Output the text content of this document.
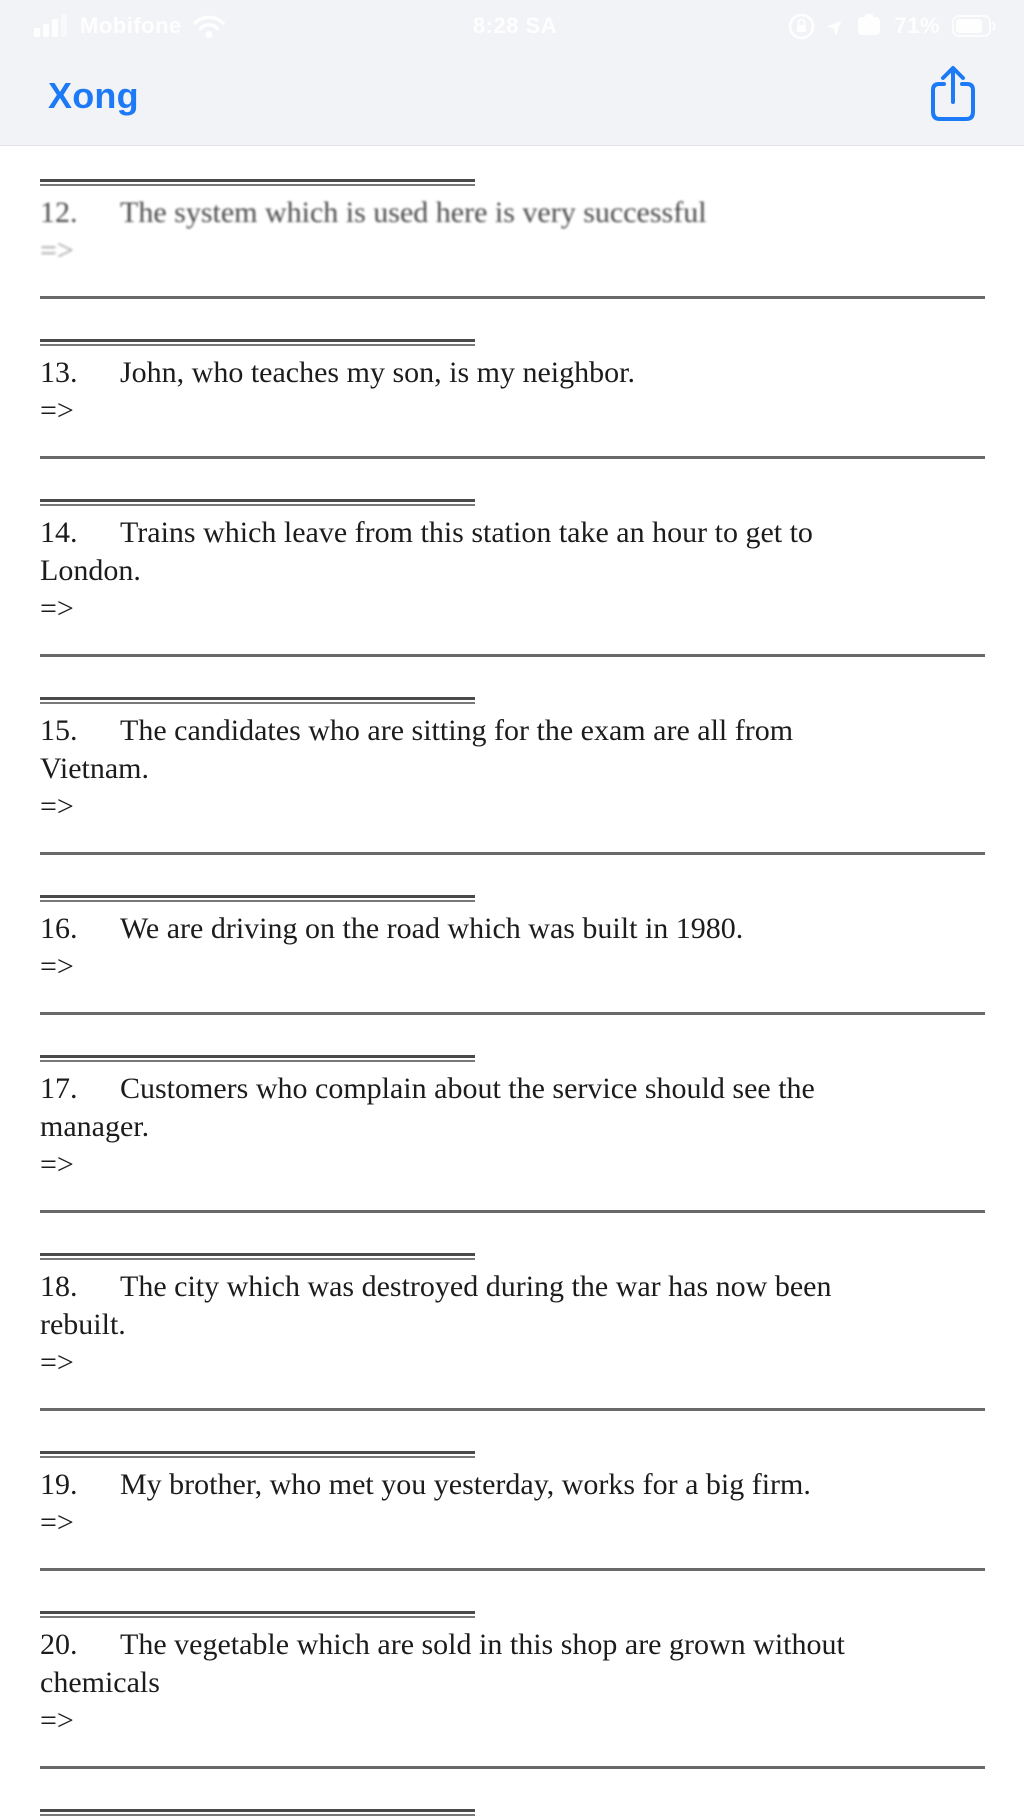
Mobifone	8:28 SA	➤ 71%
Xong

12. The system which is used here is very successful

=>

13. John, who teaches my son, is my neighbor.

=>

14. Trains which leave from this station take an hour to get to
London.

=>

15. The candidates who are sitting for the exam are all from
Vietnam.

=>

16. We are driving on the road which was built in 1980.

=>

17. Customers who complain about the service should see the
manager.

=>

18. The city which was destroyed during the war has now been
rebuilt.

=>

19. My brother, who met you yesterday, works for a big firm.

=>

20. The vegetable which are sold in this shop are grown without
chemicals

=>
